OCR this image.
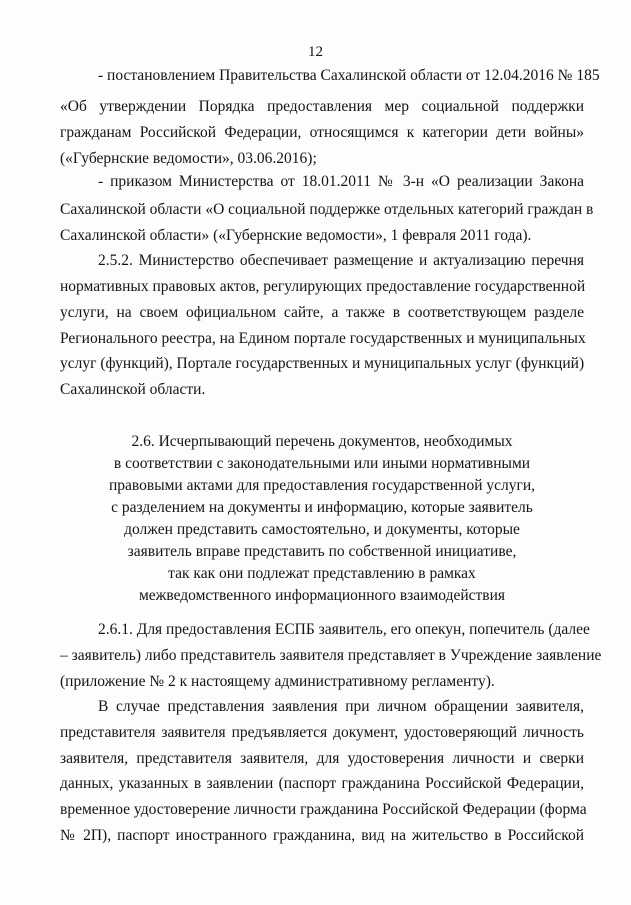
12
- постановлением Правительства Сахалинской области от 12.04.2016 № 185
«Об утверждении Порядка предоставления мер социальной поддержки
гражданам Российской Федерации, относящимся к категории дети войны»
(«Губернские ведомости», 03.06.2016);
- приказом Министерства от 18.01.2011 № 3-н «О реализации Закона
Сахалинской области «О социальной поддержке отдельных категорий граждан в
Сахалинской области» («Губернские ведомости», 1 февраля 2011 года).
2.5.2. Министерство обеспечивает размещение и актуализацию перечня
нормативных правовых актов, регулирующих предоставление государственной
услуги, на своем официальном сайте, а также в соответствующем разделе
Регионального реестра, на Едином портале государственных и муниципальных
услуг (функций), Портале государственных и муниципальных услуг (функций)
Сахалинской области.
2.6. Исчерпывающий перечень документов, необходимых
в соответствии с законодательными или иными нормативными
правовыми актами для предоставления государственной услуги,
с разделением на документы и информацию, которые заявитель
должен представить самостоятельно, и документы, которые
заявитель вправе представить по собственной инициативе,
так как они подлежат представлению в рамках
межведомственного информационного взаимодействия
2.6.1. Для предоставления ЕСПБ заявитель, его опекун, попечитель (далее
– заявитель) либо представитель заявителя представляет в Учреждение заявление
(приложение № 2 к настоящему административному регламенту).
В случае представления заявления при личном обращении заявителя,
представителя заявителя предъявляется документ, удостоверяющий личность
заявителя, представителя заявителя, для удостоверения личности и сверки
данных, указанных в заявлении (паспорт гражданина Российской Федерации,
временное удостоверение личности гражданина Российской Федерации (форма
№ 2П), паспорт иностранного гражданина, вид на жительство в Российской
